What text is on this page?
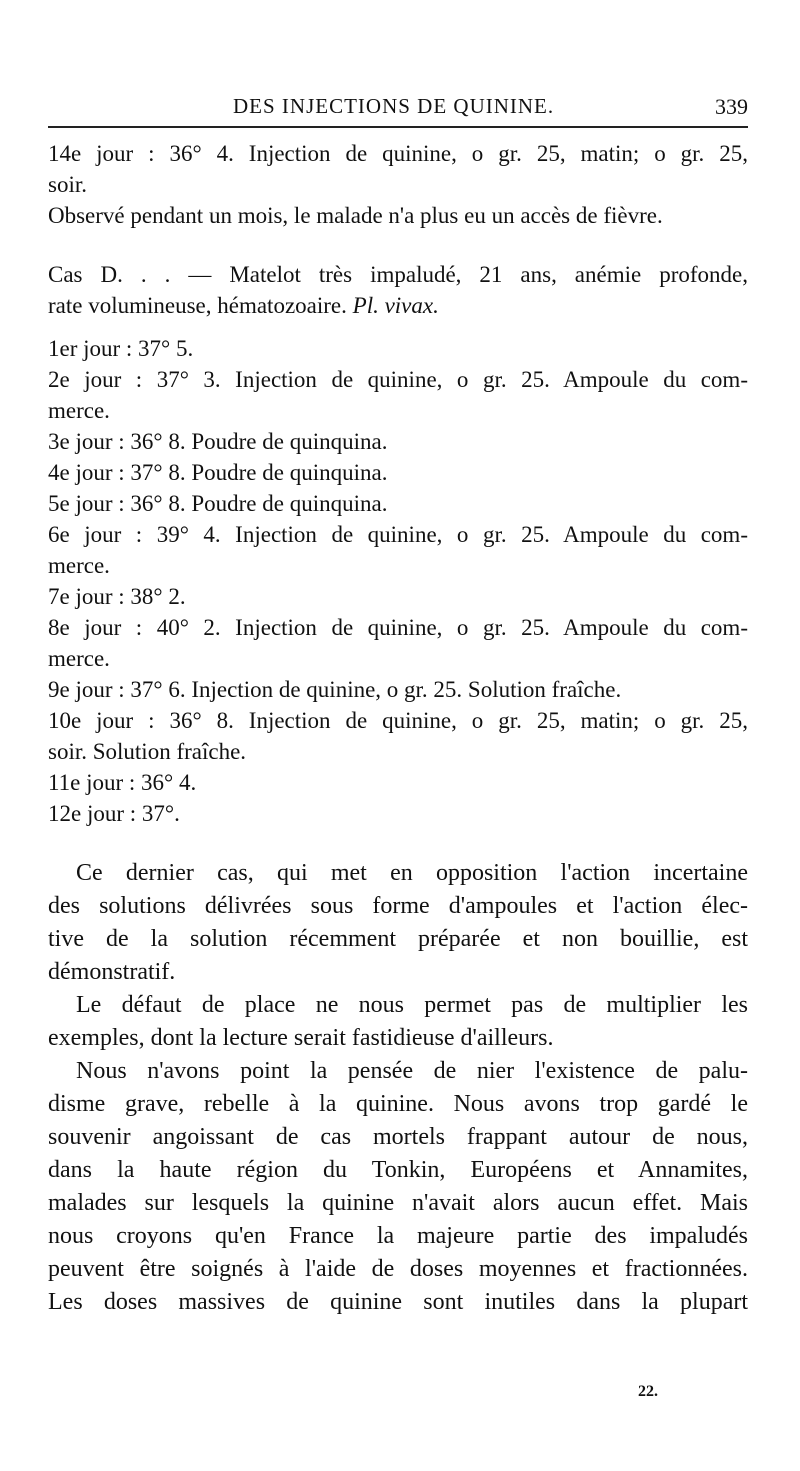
DES INJECTIONS DE QUININE.	339
14e jour : 36° 4. Injection de quinine, o gr. 25, matin; o gr. 25,
soir.
Observé pendant un mois, le malade n'a plus eu un accès de fièvre.
Cas D. . . — Matelot très impaludé, 21 ans, anémie profonde,
rate volumineuse, hématozoaire. Pl. vivax.
1er jour : 37° 5.
2e jour : 37° 3. Injection de quinine, o gr. 25. Ampoule du com-
merce.
3e jour : 36° 8. Poudre de quinquina.
4e jour : 37° 8. Poudre de quinquina.
5e jour : 36° 8. Poudre de quinquina.
6e jour : 39° 4. Injection de quinine, o gr. 25. Ampoule du com-
merce.
7e jour : 38° 2.
8e jour : 40° 2. Injection de quinine, o gr. 25. Ampoule du com-
merce.
9e jour : 37° 6. Injection de quinine, o gr. 25. Solution fraîche.
10e jour : 36° 8. Injection de quinine, o gr. 25, matin; o gr. 25,
soir. Solution fraîche.
11e jour : 36° 4.
12e jour : 37°.

Ce dernier cas, qui met en opposition l'action incertaine
des solutions délivrées sous forme d'ampoules et l'action élec-
tive de la solution récemment préparée et non bouillie, est
démonstratif.

Le défaut de place ne nous permet pas de multiplier les
exemples, dont la lecture serait fastidieuse d'ailleurs.

Nous n'avons point la pensée de nier l'existence de palu-
disme grave, rebelle à la quinine. Nous avons trop gardé le
souvenir angoissant de cas mortels frappant autour de nous,
dans la haute région du Tonkin, Européens et Annamites,
malades sur lesquels la quinine n'avait alors aucun effet. Mais
nous croyons qu'en France la majeure partie des impaludés
peuvent être soignés à l'aide de doses moyennes et fractionnées.
Les doses massives de quinine sont inutiles dans la plupart

22.
